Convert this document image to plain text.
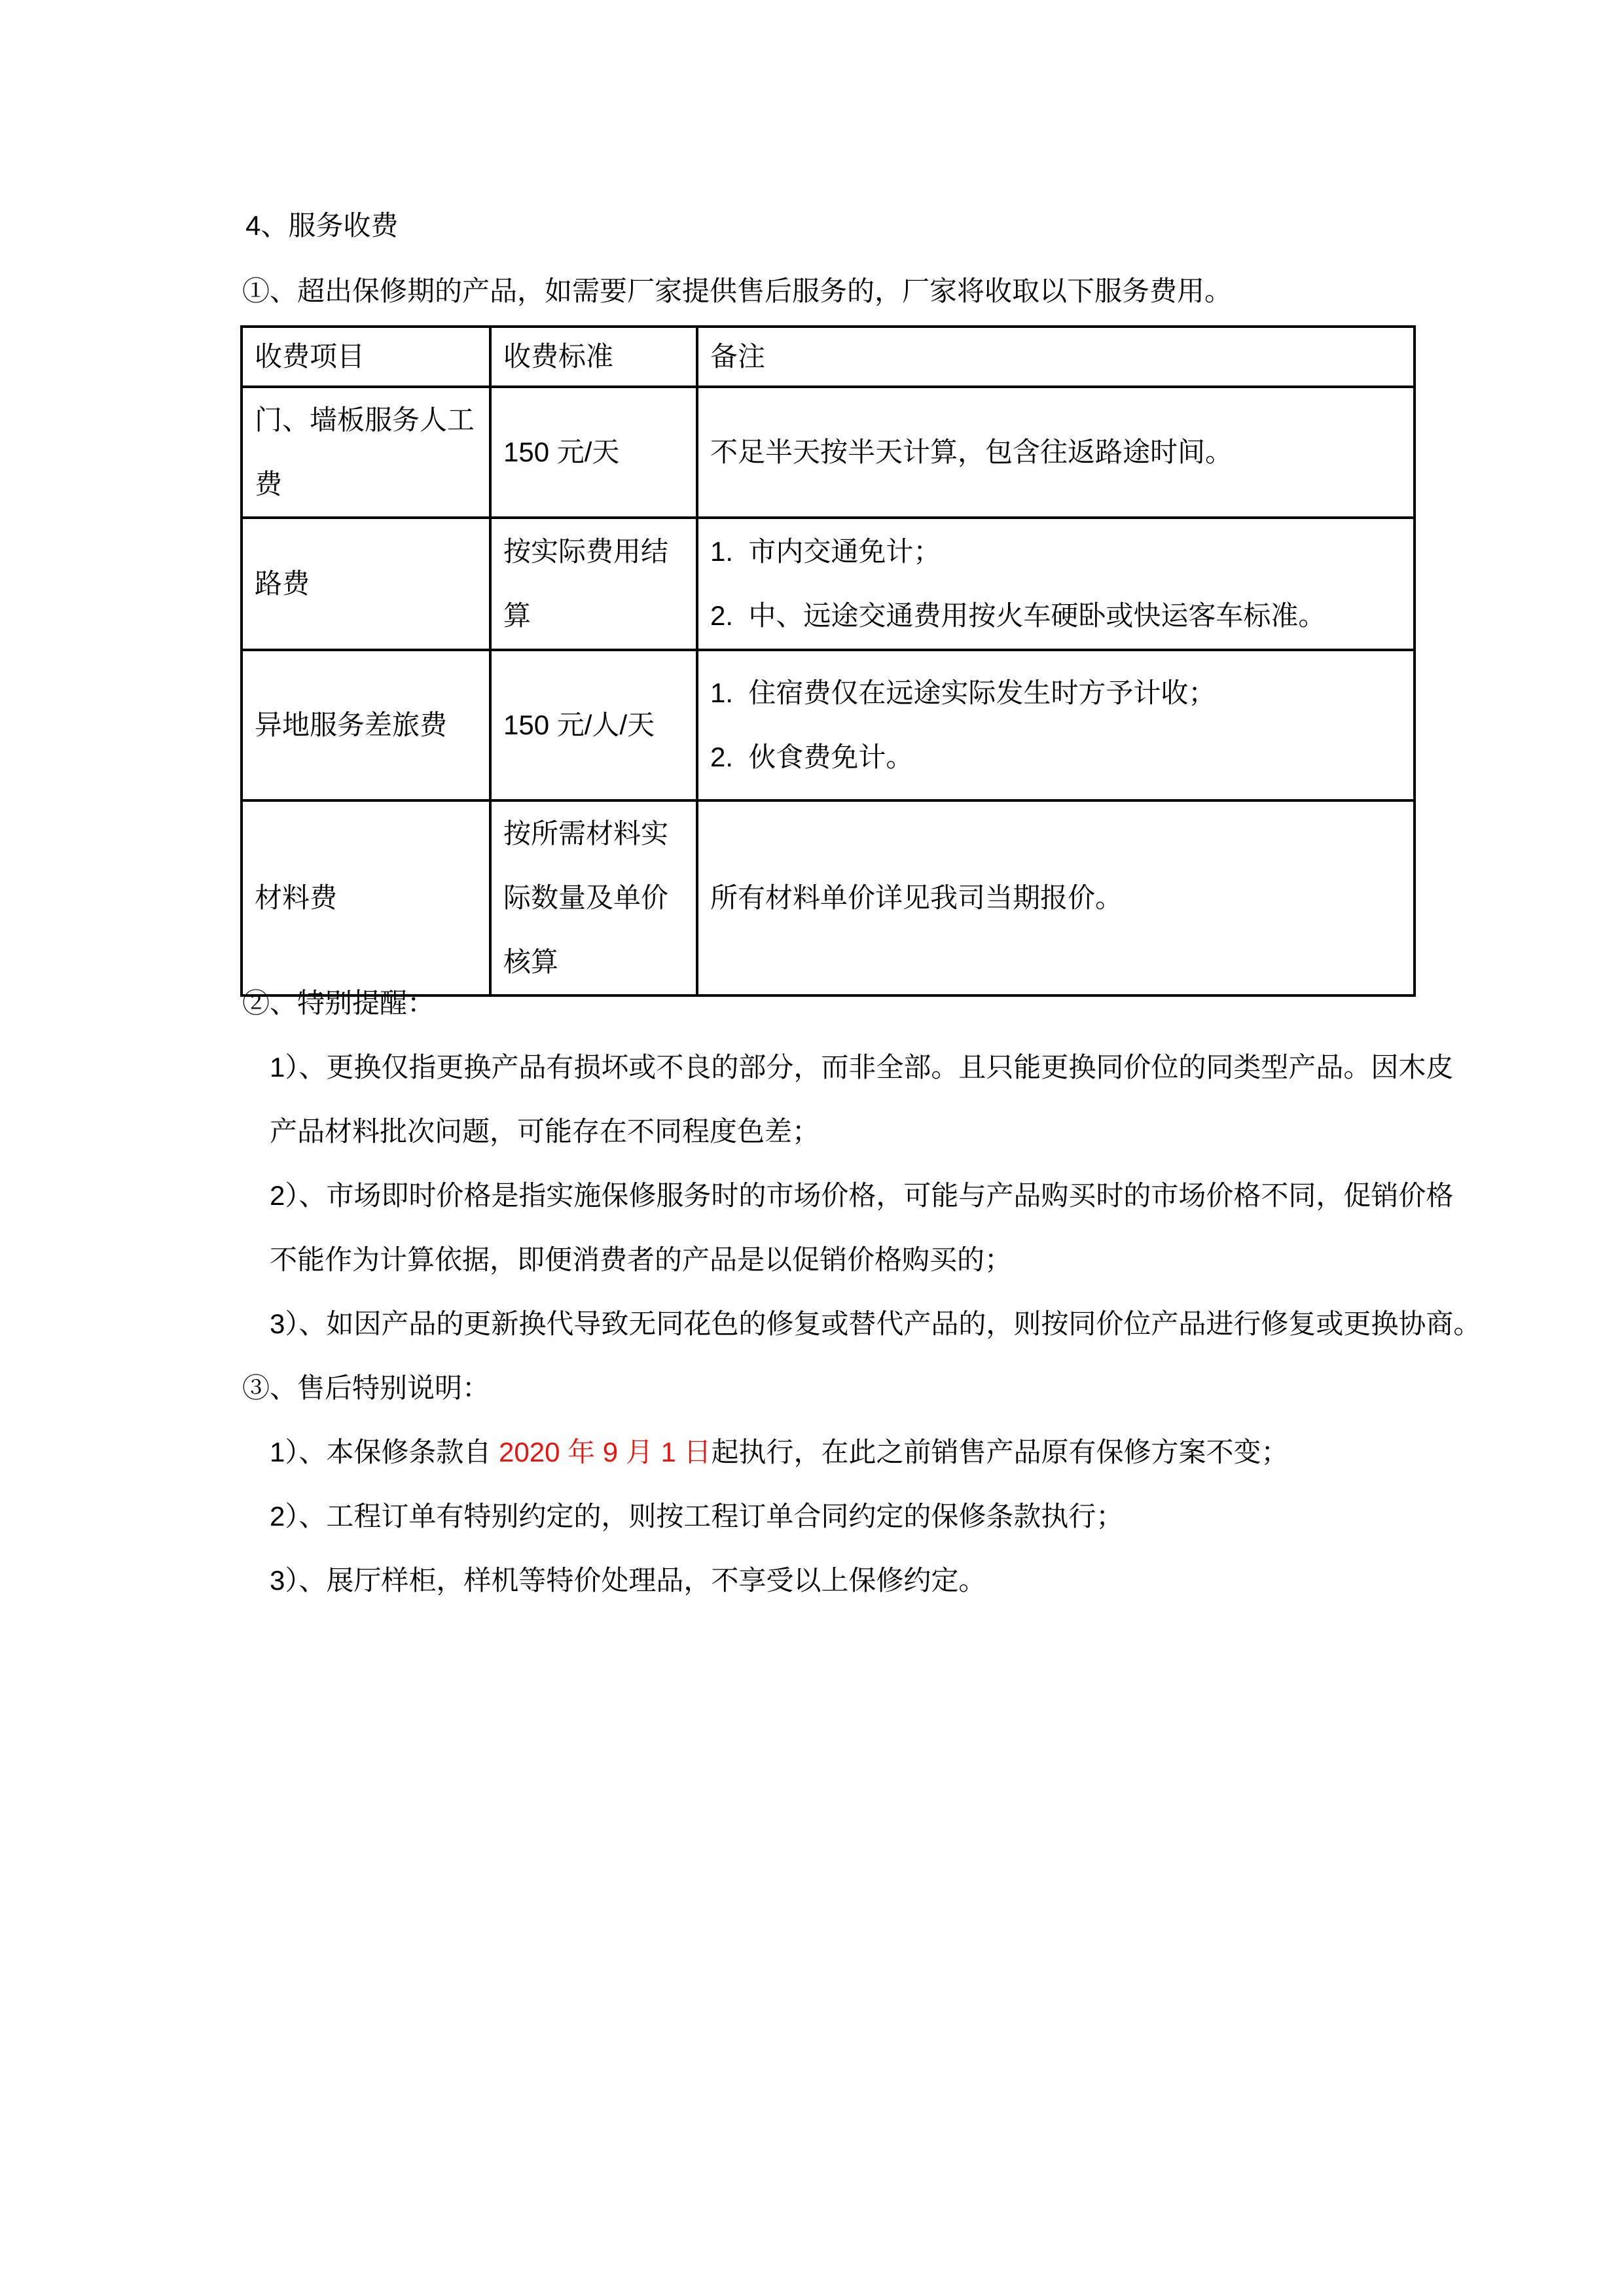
4、服务收费
①、超出保修期的产品，如需要厂家提供售后服务的，厂家将收取以下服务费用。
收费项目	收费标准	备注
门、墙板服务人工费	150 元/天	不足半天按半天计算，包含往返路途时间。

路费	按实际费用结算	1.  市内交通免计；
2.  中、远途交通费用按火车硬卧或快运客车标准。

异地服务差旅费	150 元/人/天	1.  住宿费仅在远途实际发生时方予计收；
2.  伙食费免计。

材料费	按所需材料实际数量及单价核算	所有材料单价详见我司当期报价。
②、特别提醒：
1）、更换仅指更换产品有损坏或不良的部分，而非全部。且只能更换同价位的同类型产品。因木皮
产品材料批次问题，可能存在不同程度色差；
2）、市场即时价格是指实施保修服务时的市场价格，可能与产品购买时的市场价格不同，促销价格
不能作为计算依据，即便消费者的产品是以促销价格购买的；
3）、如因产品的更新换代导致无同花色的修复或替代产品的，则按同价位产品进行修复或更换协商。
③、售后特别说明：
1）、本保修条款自 2020 年 9 月 1 日起执行，在此之前销售产品原有保修方案不变；
2）、工程订单有特别约定的，则按工程订单合同约定的保修条款执行；
3）、展厅样柜，样机等特价处理品，不享受以上保修约定。
